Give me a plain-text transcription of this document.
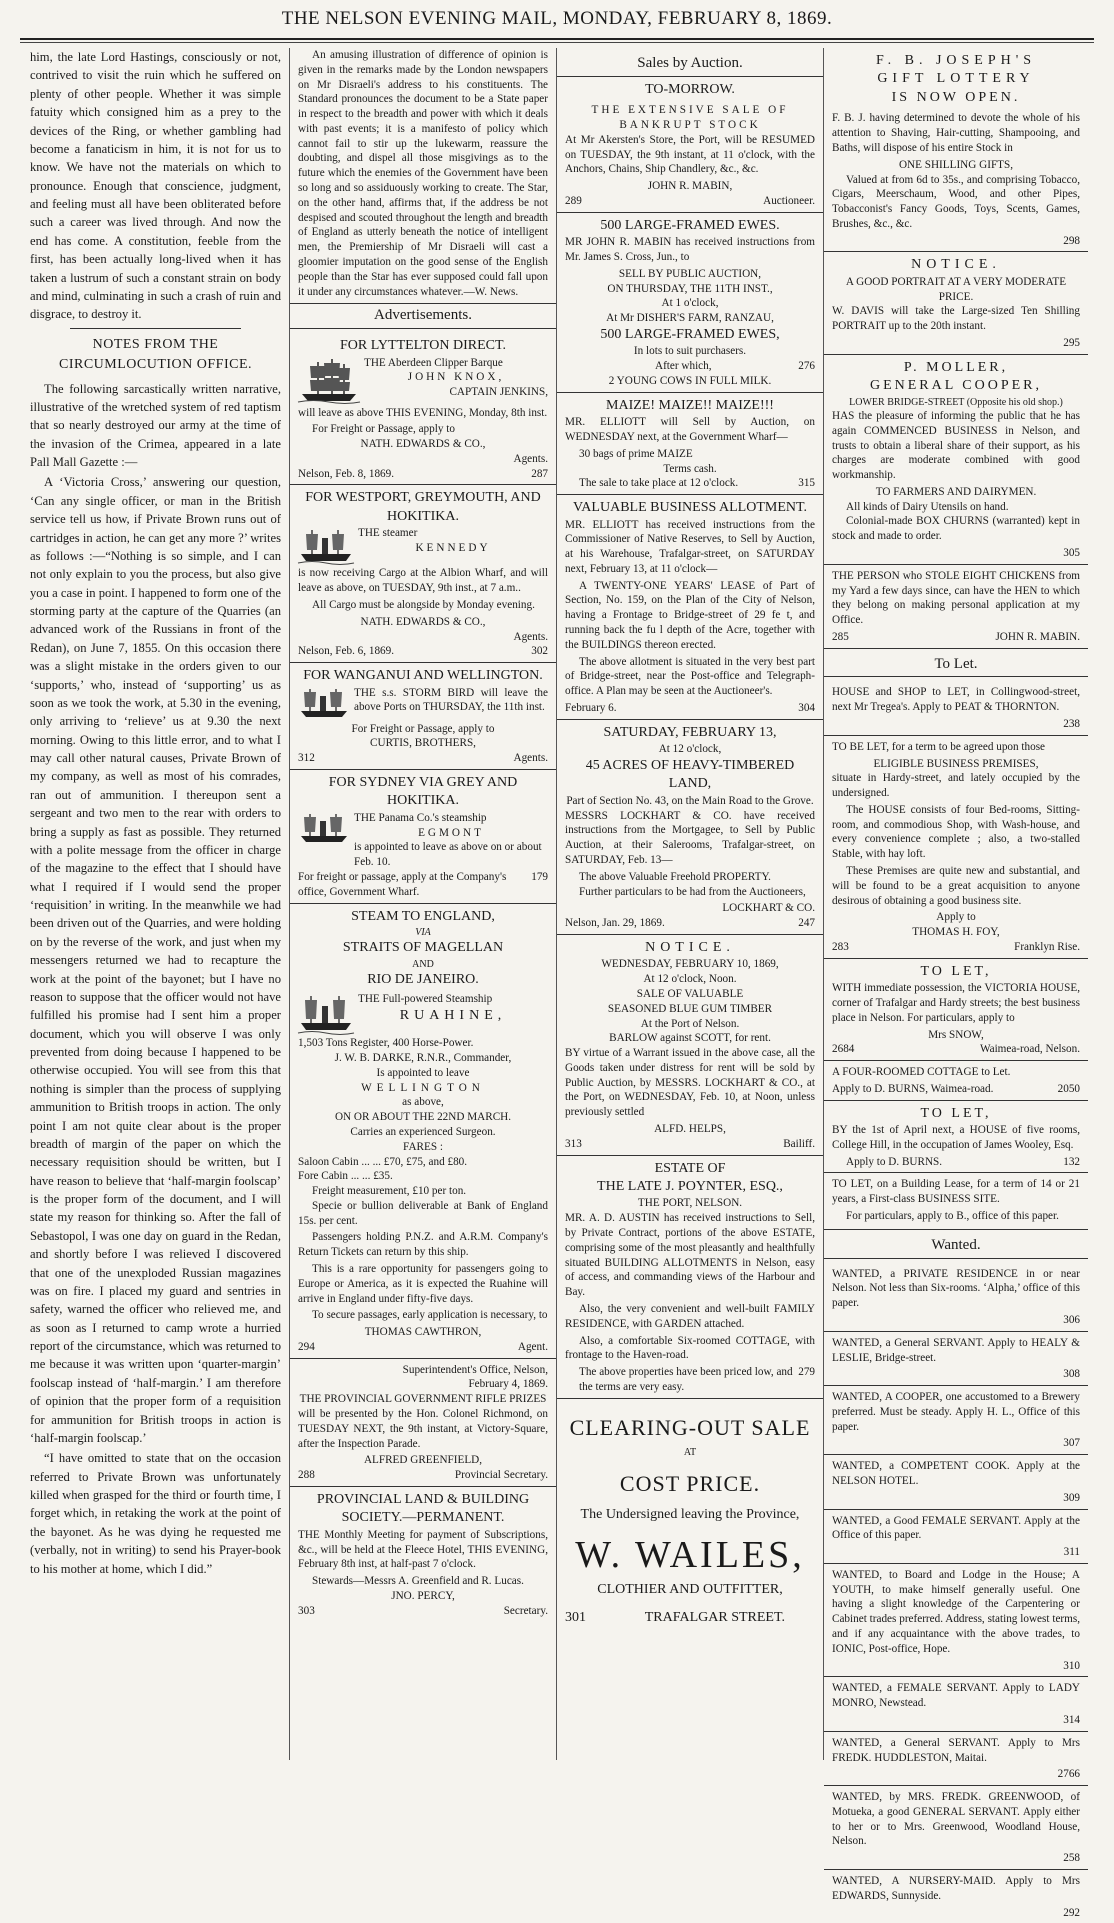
THE NELSON EVENING MAIL, MONDAY, FEBRUARY 8, 1869.

him, the late Lord Hastings, consciously or not, contrived to visit the ruin which he suffered on plenty of other people. Whether it was simple fatuity which consigned him as a prey to the devices of the Ring, or whether gambling had become a fanaticism in him, it is not for us to know. We have not the materials on which to pronounce. Enough that conscience, judgment, and feeling must all have been obliterated before such a career was lived through. And now the end has come. A constitution, feeble from the first, has been actually long-lived when it has taken a lustrum of such a constant strain on body and mind, culminating in such a crash of ruin and disgrace, to destroy it.

NOTES FROM THE CIRCUMLOCUTION OFFICE.

The following sarcastically written narrative, illustrative of the wretched system of red taptism that so nearly destroyed our army at the time of the invasion of the Crimea, appeared in a late Pall Mall Gazette :—

A ‘Victoria Cross,’ answering our question, ‘Can any single officer, or man in the British service tell us how, if Private Brown runs out of cartridges in action, he can get any more ?’ writes as follows :—“Nothing is so simple, and I can not only explain to you the process, but also give you a case in point. I happened to form one of the storming party at the capture of the Quarries (an advanced work of the Russians in front of the Redan), on June 7, 1855. On this occasion there was a slight mistake in the orders given to our ‘supports,’ who, instead of ‘supporting’ us as soon as we took the work, at 5.30 in the evening, only arriving to ‘relieve’ us at 9.30 the next morning. Owing to this little error, and to what I may call other natural causes, Private Brown of my company, as well as most of his comrades, ran out of ammunition. I thereupon sent a sergeant and two men to the rear with orders to bring a supply as fast as possible. They returned with a polite message from the officer in charge of the magazine to the effect that I should have what I required if I would send the proper ‘requisition’ in writing. In the meanwhile we had been driven out of the Quarries, and were holding on by the reverse of the work, and just when my messengers returned we had to recapture the work at the point of the bayonet; but I have no reason to suppose that the officer would not have fulfilled his promise had I sent him a proper document, which you will observe I was only prevented from doing because I happened to be otherwise occupied. You will see from this that nothing is simpler than the process of supplying ammunition to British troops in action. The only point I am not quite clear about is the proper breadth of margin of the paper on which the necessary requisition should be written, but I have reason to believe that ‘half-margin foolscap’ is the proper form of the document, and I will state my reason for thinking so. After the fall of Sebastopol, I was one day on guard in the Redan, and shortly before I was relieved I discovered that one of the unexploded Russian magazines was on fire. I placed my guard and sentries in safety, warned the officer who relieved me, and as soon as I returned to camp wrote a hurried report of the circumstance, which was returned to me because it was written upon ‘quarter-margin’ foolscap instead of ‘half-margin.’ I am therefore of opinion that the proper form of a requisition for ammunition for British troops in action is ‘half-margin foolscap.’

“I have omitted to state that on the occasion referred to Private Brown was unfortunately killed when grasped for the third or fourth time, I forget which, in retaking the work at the point of the bayonet. As he was dying he requested me (verbally, not in writing) to send his Prayer-book to his mother at home, which I did.”

An amusing illustration of difference of opinion is given in the remarks made by the London newspapers on Mr Disraeli's address to his constituents. The Standard pronounces the document to be a State paper in respect to the breadth and power with which it deals with past events; it is a manifesto of policy which cannot fail to stir up the lukewarm, reassure the doubting, and dispel all those misgivings as to the future which the enemies of the Government have been so long and so assiduously working to create. The Star, on the other hand, affirms that, if the address be not despised and scouted throughout the length and breadth of England as utterly beneath the notice of intelligent men, the Premiership of Mr Disraeli will cast a gloomier imputation on the good sense of the English people than the Star has ever supposed could fall upon it under any circumstances whatever.—W. News.

Advertisements.
FOR LYTTELTON DIRECT.
THE Aberdeen Clipper Barque
JOHN KNOX,
CAPTAIN JENKINS,

will leave as above THIS EVENING, Monday, 8th inst.

For Freight or Passage, apply to
NATH. EDWARDS & CO.,
Agents.
Nelson, Feb. 8, 1869.	287
FOR WESTPORT, GREYMOUTH, AND HOKITIKA.
THE steamer
KENNEDY

is now receiving Cargo at the Albion Wharf, and will leave as above, on TUESDAY, 9th inst., at 7 a.m..

All Cargo must be alongside by Monday evening.

NATH. EDWARDS & CO.,
Agents.
Nelson, Feb. 6, 1869.	302
FOR WANGANUI AND WELLINGTON.

THE s.s. STORM BIRD will leave the above Ports on THURSDAY, the 11th inst.

For Freight or Passage, apply to
CURTIS, BROTHERS,
312	Agents.
FOR SYDNEY VIA GREY AND HOKITIKA.
THE Panama Co.'s steamship
EGMONT
is appointed to leave as above on or about Feb. 10.
For freight or passage, apply at the Company's office, Government Wharf.
179
STEAM TO ENGLAND,
VIA
STRAITS OF MAGELLAN
AND
RIO DE JANEIRO.
THE Full-powered Steamship
RUAHINE,
1,503 Tons Register, 400 Horse-Power.
J. W. B. DARKE, R.N.R., Commander,
Is appointed to leave
WELLINGTON
as above,
ON OR ABOUT THE 22ND MARCH.
Carries an experienced Surgeon.
FARES :
Saloon Cabin ... ... £70, £75, and £80.
Fore Cabin ... ... £35.
Freight measurement, £10 per ton.

Specie or bullion deliverable at Bank of England 15s. per cent.

Passengers holding P.N.Z. and A.R.M. Company's Return Tickets can return by this ship.

This is a rare opportunity for passengers going to Europe or America, as it is expected the Ruahine will arrive in England under fifty-five days.

To secure passages, early application is necessary, to

THOMAS CAWTHRON,
294	Agent.
Superintendent's Office, Nelson,
February 4, 1869.
THE PROVINCIAL GOVERNMENT RIFLE PRIZES

will be presented by the Hon. Colonel Richmond, on TUESDAY NEXT, the 9th instant, at Victory-Square, after the Inspection Parade.

ALFRED GREENFIELD,
288	Provincial Secretary.
PROVINCIAL LAND & BUILDING SOCIETY.—PERMANENT.

THE Monthly Meeting for payment of Subscriptions, &c., will be held at the Fleece Hotel, THIS EVENING, February 8th inst, at half-past 7 o'clock.

Stewards—Messrs A. Greenfield and R. Lucas.
JNO. PERCY,
303	Secretary.
Sales by Auction.
TO-MORROW.
THE EXTENSIVE SALE OF
BANKRUPT STOCK

At Mr Akersten's Store, the Port, will be RESUMED on TUESDAY, the 9th instant, at 11 o'clock, with the Anchors, Chains, Ship Chandlery, &c., &c.

JOHN R. MABIN,
289	Auctioneer.
500 LARGE-FRAMED EWES.

MR JOHN R. MABIN has received instructions from Mr. James S. Cross, Jun., to

SELL BY PUBLIC AUCTION,
ON THURSDAY, THE 11TH INST.,
At 1 o'clock,
At Mr DISHER'S FARM, RANZAU,
500 LARGE-FRAMED EWES,
In lots to suit purchasers.
After which,	276
2 YOUNG COWS IN FULL MILK.
MAIZE! MAIZE!! MAIZE!!!

MR. ELLIOTT will Sell by Auction, on WEDNESDAY next, at the Government Wharf—

30 bags of prime MAIZE
Terms cash.
The sale to take place at 12 o'clock.	315
VALUABLE BUSINESS ALLOTMENT.

MR. ELLIOTT has received instructions from the Commissioner of Native Reserves, to Sell by Auction, at his Warehouse, Trafalgar-street, on SATURDAY next, February 13, at 11 o'clock—

A TWENTY-ONE YEARS' LEASE of Part of Section, No. 159, on the Plan of the City of Nelson, having a Frontage to Bridge-street of 29 fe t, and running back the fu l depth of the Acre, together with the BUILDINGS thereon erected.

The above allotment is situated in the very best part of Bridge-street, near the Post-office and Telegraph-office. A Plan may be seen at the Auctioneer's.

February 6.	304
SATURDAY, FEBRUARY 13,
At 12 o'clock,
45 ACRES OF HEAVY-TIMBERED LAND,
Part of Section No. 43, on the Main Road to the Grove.

MESSRS LOCKHART & CO. have received instructions from the Mortgagee, to Sell by Public Auction, at their Salerooms, Trafalgar-street, on SATURDAY, Feb. 13—

The above Valuable Freehold PROPERTY.

Further particulars to be had from the Auctioneers,

LOCKHART & CO.
Nelson, Jan. 29, 1869.	247
NOTICE.
WEDNESDAY, FEBRUARY 10, 1869,
At 12 o'clock, Noon.
SALE OF VALUABLE
SEASONED BLUE GUM TIMBER
At the Port of Nelson.
BARLOW against SCOTT, for rent.

BY virtue of a Warrant issued in the above case, all the Goods taken under distress for rent will be sold by Public Auction, by MESSRS. LOCKHART & CO., at the Port, on WEDNESDAY, Feb. 10, at Noon, unless previously settled

ALFD. HELPS,
313	Bailiff.
ESTATE OF
THE LATE J. POYNTER, ESQ.,
THE PORT, NELSON.

MR. A. D. AUSTIN has received instructions to Sell, by Private Contract, portions of the above ESTATE, comprising some of the most pleasantly and healthfully situated BUILDING ALLOTMENTS in Nelson, easy of access, and commanding views of the Harbour and Bay.

Also, the very convenient and well-built FAMILY RESIDENCE, with GARDEN attached.

Also, a comfortable Six-roomed COTTAGE, with frontage to the Haven-road.

The above properties have been priced low, and the terms are very easy.
279
CLEARING-OUT SALE
AT
COST PRICE.
The Undersigned leaving the Province,
W. WAILES,
CLOTHIER AND OUTFITTER,
301	TRAFALGAR STREET.
F. B. JOSEPH'S
GIFT LOTTERY
IS NOW OPEN.

F. B. J. having determined to devote the whole of his attention to Shaving, Hair-cutting, Shampooing, and Baths, will dispose of his entire Stock in

ONE SHILLING GIFTS,

Valued at from 6d to 35s., and comprising Tobacco, Cigars, Meerschaum, Wood, and other Pipes, Tobacconist's Fancy Goods, Toys, Scents, Games, Brushes, &c., &c.

298
NOTICE.
A GOOD PORTRAIT AT A VERY MODERATE PRICE.

W. DAVIS will take the Large-sized Ten Shilling PORTRAIT up to the 20th instant.

295
P. MOLLER,
GENERAL COOPER,
LOWER BRIDGE-STREET (Opposite his old shop.)

HAS the pleasure of informing the public that he has again COMMENCED BUSINESS in Nelson, and trusts to obtain a liberal share of their support, as his charges are moderate combined with good workmanship.

TO FARMERS AND DAIRYMEN.
All kinds of Dairy Utensils on hand.

Colonial-made BOX CHURNS (warranted) kept in stock and made to order.

305

THE PERSON who STOLE EIGHT CHICKENS from my Yard a few days since, can have the HEN to which they belong on making personal application at my Office.

285	JOHN R. MABIN.
To Let.

HOUSE and SHOP to LET, in Collingwood-street, next Mr Tregea's. Apply to PEAT & THORNTON.

238

TO BE LET, for a term to be agreed upon those

ELIGIBLE BUSINESS PREMISES,

situate in Hardy-street, and lately occupied by the undersigned.

The HOUSE consists of four Bed-rooms, Sitting-room, and commodious Shop, with Wash-house, and every convenience complete ; also, a two-stalled Stable, with hay loft.

These Premises are quite new and substantial, and will be found to be a great acquisition to anyone desirous of obtaining a good business site.

Apply to
THOMAS H. FOY,
283	Franklyn Rise.
TO LET,

WITH immediate possession, the VICTORIA HOUSE, corner of Trafalgar and Hardy streets; the best business place in Nelson. For particulars, apply to

Mrs SNOW,
2684	Waimea-road, Nelson.

A FOUR-ROOMED COTTAGE to Let.

Apply to D. BURNS, Waimea-road.	2050
TO LET,

BY the 1st of April next, a HOUSE of five rooms, College Hill, in the occupation of James Wooley, Esq.

Apply to D. BURNS.	132

TO LET, on a Building Lease, for a term of 14 or 21 years, a First-class BUSINESS SITE.

For particulars, apply to B., office of this paper.

Wanted.

WANTED, a PRIVATE RESIDENCE in or near Nelson. Not less than Six-rooms. ‘Alpha,’ office of this paper.

306

WANTED, a General SERVANT. Apply to HEALY & LESLIE, Bridge-street.

308

WANTED, A COOPER, one accustomed to a Brewery preferred. Must be steady. Apply H. L., Office of this paper.

307

WANTED, a COMPETENT COOK. Apply at the NELSON HOTEL.

309

WANTED, a Good FEMALE SERVANT. Apply at the Office of this paper.

311

WANTED, to Board and Lodge in the House; A YOUTH, to make himself generally useful. One having a slight knowledge of the Carpentering or Cabinet trades preferred. Address, stating lowest terms, and if any acquaintance with the above trades, to IONIC, Post-office, Hope.

310

WANTED, a FEMALE SERVANT. Apply to LADY MONRO, Newstead.

314

WANTED, a General SERVANT. Apply to Mrs FREDK. HUDDLESTON, Maitai.

2766

WANTED, by MRS. FREDK. GREENWOOD, of Motueka, a good GENERAL SERVANT. Apply either to her or to Mrs. Greenwood, Woodland House, Nelson.

258

WANTED, A NURSERY-MAID. Apply to Mrs EDWARDS, Sunnyside.

292
